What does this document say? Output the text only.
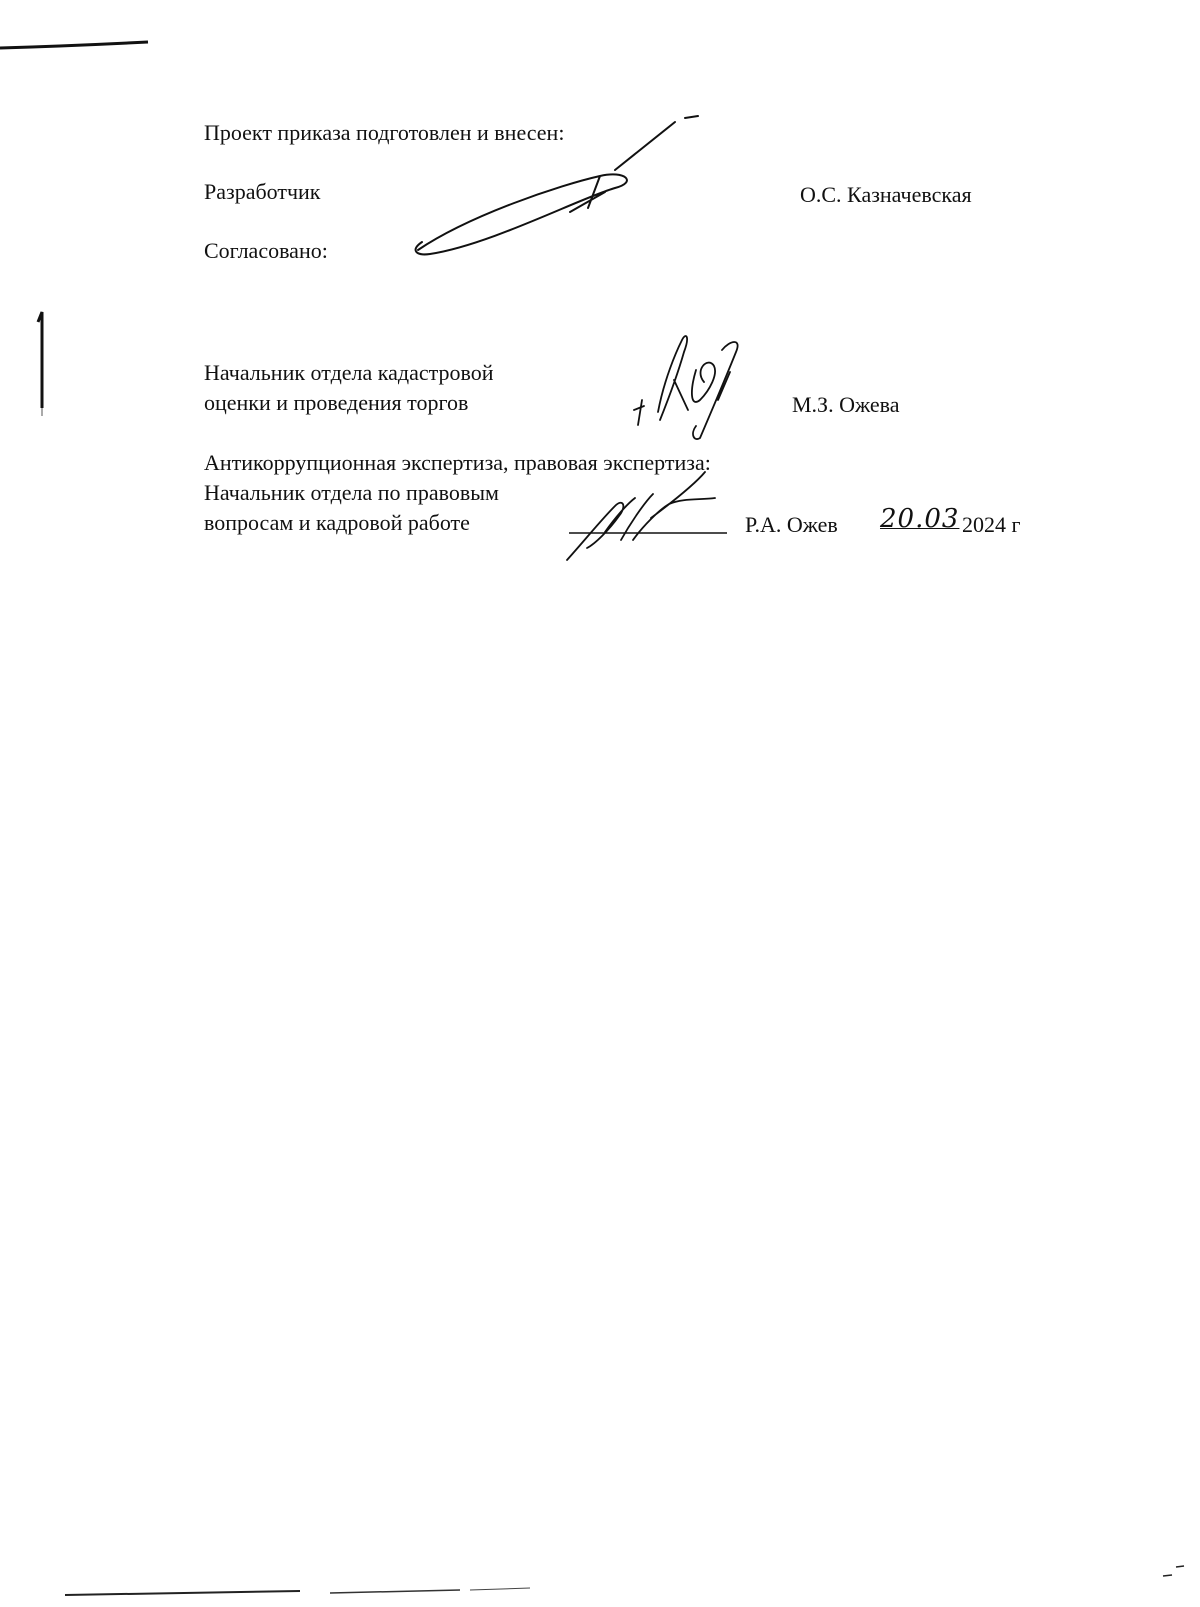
Проект приказа подготовлен и внесен:
Разработчик	О.С. Казначевская
Согласовано:
Начальник отдела кадастровой
оценки и проведения торгов	М.З. Ожева
Антикоррупционная экспертиза, правовая экспертиза:
Начальник отдела по правовым
вопросам и кадровой работе	Р.А. Ожев 20.03 2024 г
